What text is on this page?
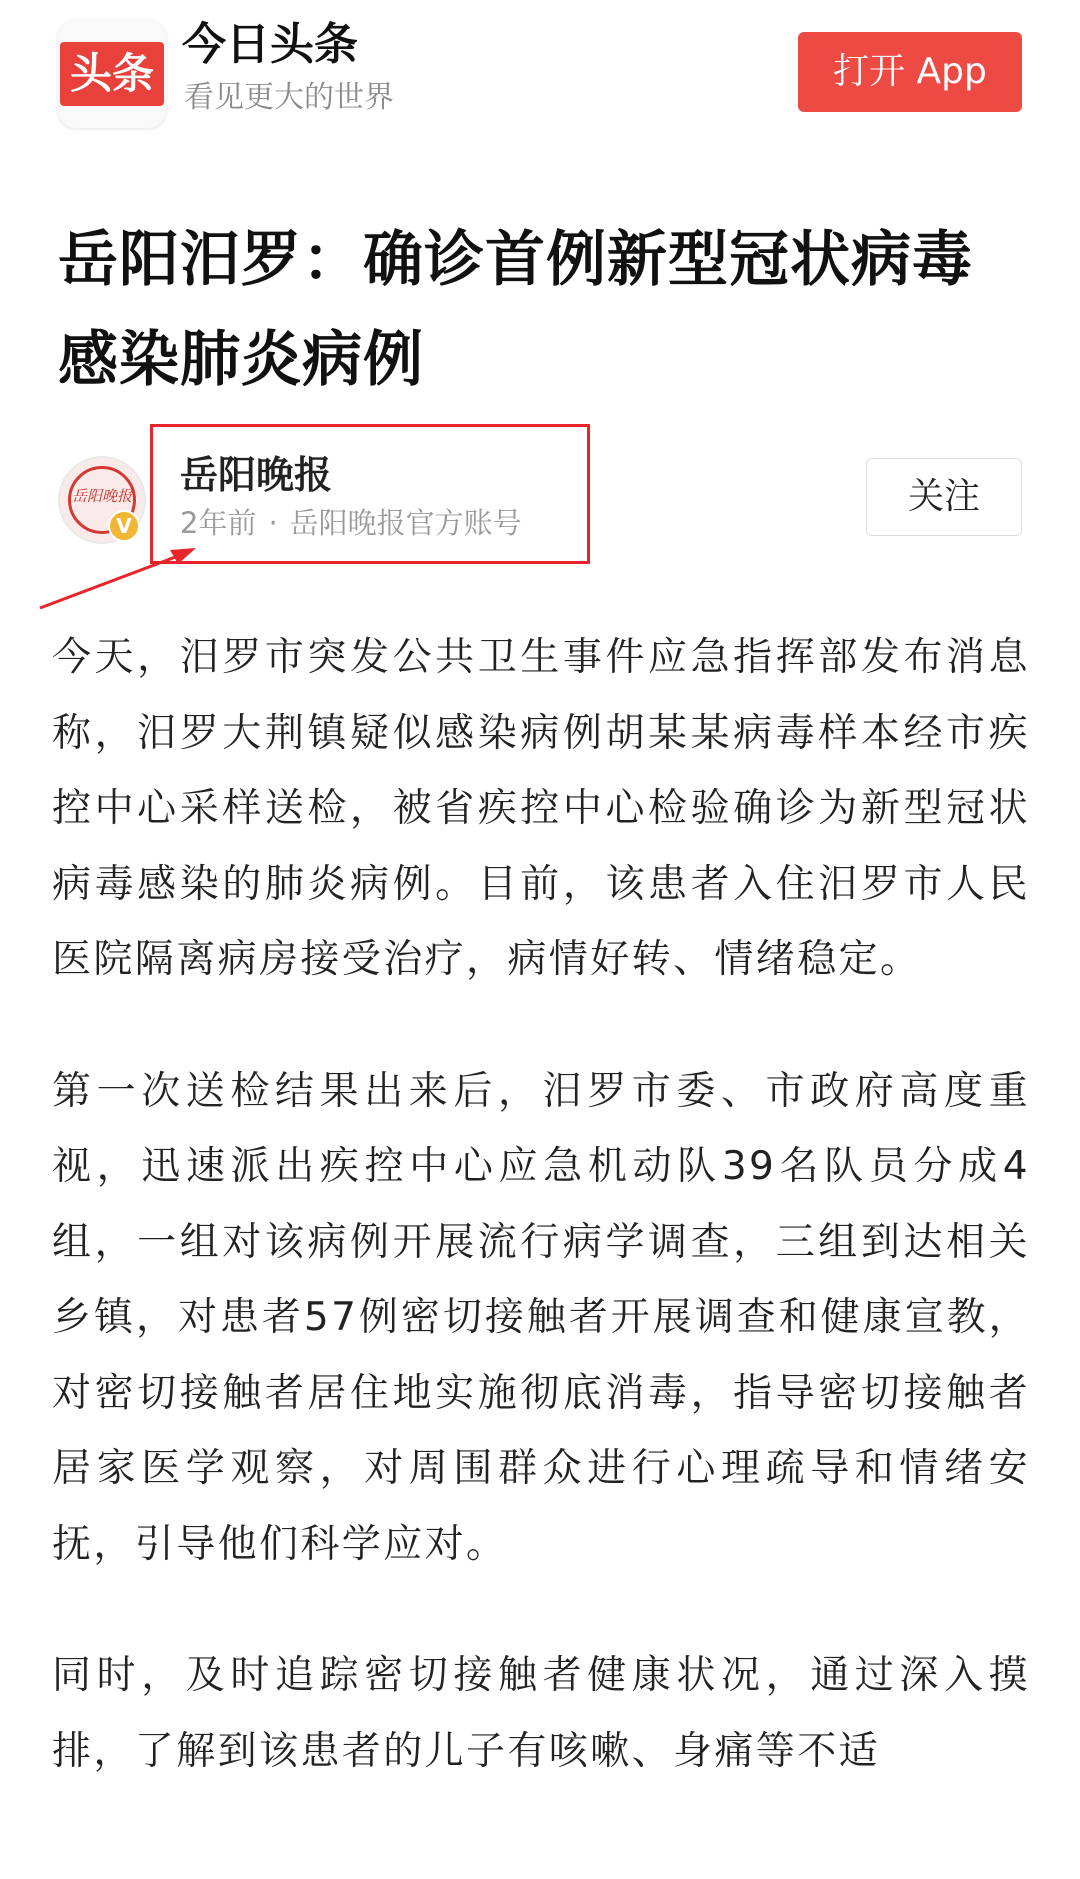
头条
今日头条
看见更大的世界
打开 App
岳阳汨罗：确诊首例新型冠状病毒感染肺炎病例
岳阳晚报
V
岳阳晚报
2年前 · 岳阳晚报官方账号
关注

今天，汨罗市突发公共卫生事件应急指挥部发布消息称，汨罗大荆镇疑似感染病例胡某某病毒样本经市疾控中心采样送检，被省疾控中心检验确诊为新型冠状病毒感染的肺炎病例。目前，该患者入住汨罗市人民医院隔离病房接受治疗，病情好转、情绪稳定。

第一次送检结果出来后，汨罗市委、市政府高度重视，迅速派出疾控中心应急机动队39名队员分成4组，一组对该病例开展流行病学调查，三组到达相关乡镇，对患者57例密切接触者开展调查和健康宣教，对密切接触者居住地实施彻底消毒，指导密切接触者居家医学观察，对周围群众进行心理疏导和情绪安抚，引导他们科学应对。

同时，及时追踪密切接触者健康状况，通过深入摸排，了解到该患者的儿子有咳嗽、身痛等不适
